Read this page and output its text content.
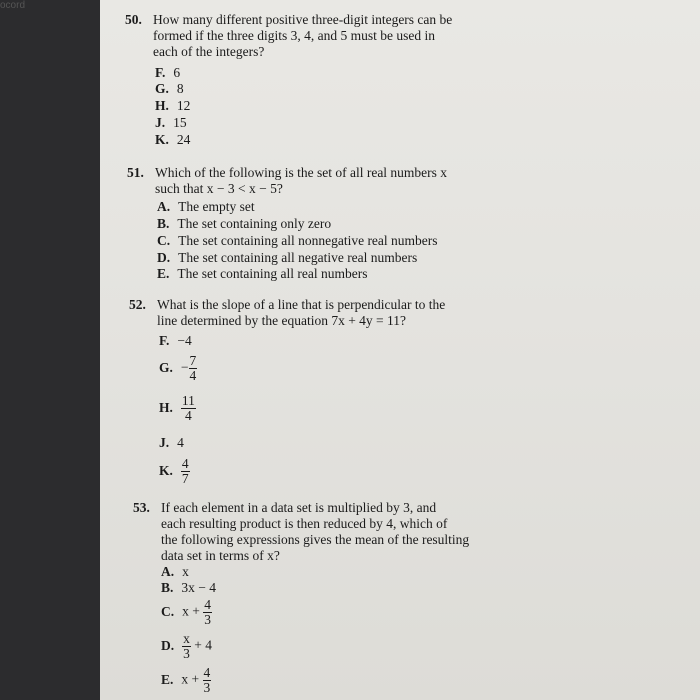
ocord
50. How many different positive three-digit integers can be
formed if the three digits 3, 4, and 5 must be used in
each of the integers?
F. 6
G. 8
H. 12
J. 15
K. 24
51. Which of the following is the set of all real numbers x
such that x − 3 < x − 5?
A. The empty set
B. The set containing only zero
C. The set containing all nonnegative real numbers
D. The set containing all negative real numbers
E. The set containing all real numbers
52. What is the slope of a line that is perpendicular to the
line determined by the equation 7x + 4y = 11?
F. −4
G. − $\frac{7}{4}$
H. $\frac{11}{4}$
J. 4
K. $\frac{4}{7}$
53. If each element in a data set is multiplied by 3, and
each resulting product is then reduced by 4, which of
the following expressions gives the mean of the resulting
data set in terms of x?
A. x
B. 3x − 4
C. $x + \frac{4}{3}$
D. $\frac{x}{3} + 4$
E. $x + \frac{4}{3}$
